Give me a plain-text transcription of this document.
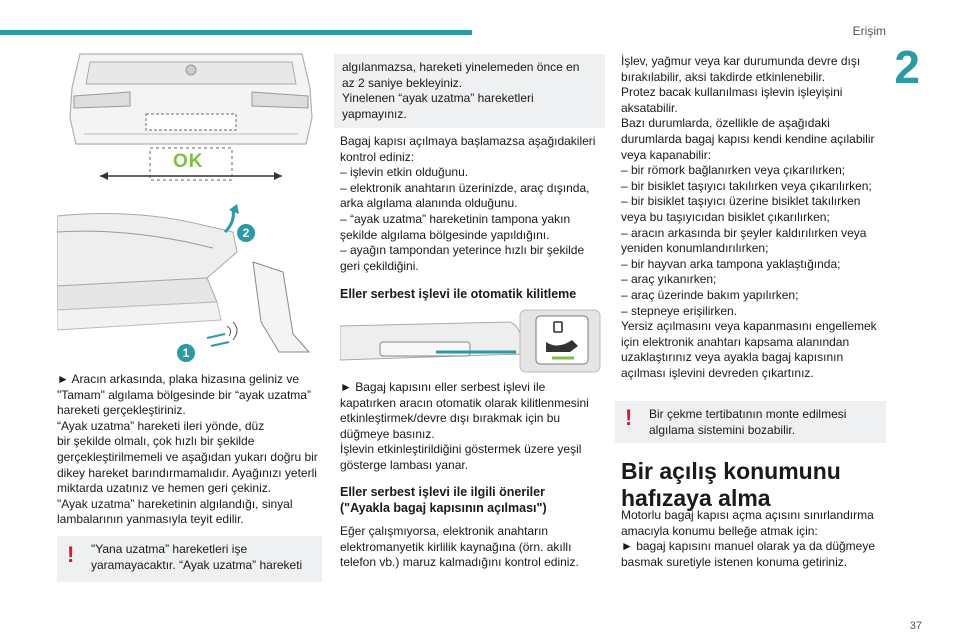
Erişim
2
37
OK
2
1

► Aracın arkasında, plaka hizasına geliniz ve
"Tamam" algılama bölgesinde bir “ayak uzatma”
hareketi gerçekleştiriniz.
“Ayak uzatma” hareketi ileri yönde, düz
bir şekilde olmalı, çok hızlı bir şekilde
gerçekleştirilmemeli ve aşağıdan yukarı doğru bir
dikey hareket barındırmamalıdır. Ayağınızı yeterli
miktarda uzatınız ve hemen geri çekiniz.
"Ayak uzatma” hareketinin algılandığı, sinyal
lambalarının yanmasıyla teyit edilir.

! "Yana uzatma” hareketleri işe
yaramayacaktır. “Ayak uzatma” hareketi
algılanmazsa, hareketi yinelemeden önce en
az 2 saniye bekleyiniz.
Yinelenen “ayak uzatma” hareketleri
yapmayınız.

Bagaj kapısı açılmaya başlamazsa aşağıdakileri
kontrol ediniz:
– işlevin etkin olduğunu.
– elektronik anahtarın üzerinizde, araç dışında,
arka algılama alanında olduğunu.
– “ayak uzatma” hareketinin tampona yakın
şekilde algılama bölgesinde yapıldığını.
– ayağın tampondan yeterince hızlı bir şekilde
geri çekildiğini.

Eller serbest işlevi ile otomatik kilitleme

► Bagaj kapısını eller serbest işlevi ile
kapatırken aracın otomatik olarak kilitlenmesini
etkinleştirmek/devre dışı bırakmak için bu
düğmeye basınız.
İşlevin etkinleştirildiğini göstermek üzere yeşil
gösterge lambası yanar.

Eller serbest işlevi ile ilgili öneriler
("Ayakla bagaj kapısının açılması")

Eğer çalışmıyorsa, elektronik anahtarın
elektromanyetik kirlilik kaynağına (örn. akıllı
telefon vb.) maruz kalmadığını kontrol ediniz.

İşlev, yağmur veya kar durumunda devre dışı
bırakılabilir, aksi takdirde etkinlenebilir.
Protez bacak kullanılması işlevin işleyişini
aksatabilir.
Bazı durumlarda, özellikle de aşağıdaki
durumlarda bagaj kapısı kendi kendine açılabilir
veya kapanabilir:
– bir römork bağlanırken veya çıkarılırken;
– bir bisiklet taşıyıcı takılırken veya çıkarılırken;
– bir bisiklet taşıyıcı üzerine bisiklet takılırken
veya bu taşıyıcıdan bisiklet çıkarılırken;
– aracın arkasında bir şeyler kaldırılırken veya
yeniden konumlandırılırken;
– bir hayvan arka tampona yaklaştığında;
– araç yıkanırken;
– araç üzerinde bakım yapılırken;
– stepneye erişilirken.
Yersiz açılmasını veya kapanmasını engellemek
için elektronik anahtarı kapsama alanından
uzaklaştırınız veya ayakla bagaj kapısının
açılması işlevini devreden çıkartınız.

! Bir çekme tertibatının monte edilmesi
algılama sistemini bozabilir.
Bir açılış konumunu
hafızaya alma

Motorlu bagaj kapısı açma açısını sınırlandırma
amacıyla konumu belleğe atmak için:
► bagaj kapısını manuel olarak ya da düğmeye
basmak suretiyle istenen konuma getiriniz.
